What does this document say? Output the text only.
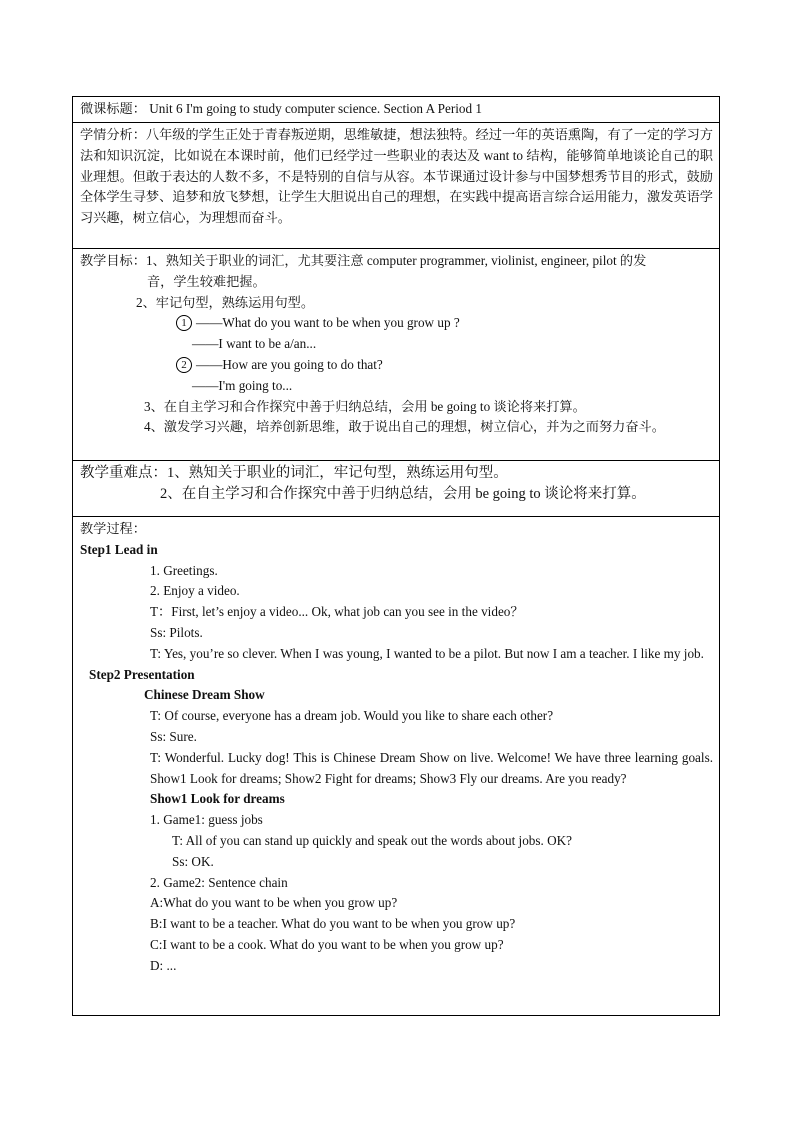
微课标题： Unit 6 I'm going to study computer science. Section A Period 1
学情分析：八年级的学生正处于青春叛逆期，思维敏捷，想法独特。经过一年的英语熏陶，有了一定的学习方法和知识沉淀，比如说在本课时前，他们已经学过一些职业的表达及 want to 结构，能够简单地谈论自己的职业理想。但敢于表达的人数不多，不是特别的自信与从容。本节课通过设计参与中国梦想秀节目的形式，鼓励全体学生寻梦、追梦和放飞梦想，让学生大胆说出自己的理想，在实践中提高语言综合运用能力，激发英语学习兴趣，树立信心，为理想而奋斗。
教学目标：1、熟知关于职业的词汇，尤其要注意 computer programmer, violinist, engineer, pilot 的发
音，学生较难把握。
2、牢记句型，熟练运用句型。
1 ——What do you want to be when you grow up ?
——I want to be a/an...
2 ——How are you going to do that?
——I'm going to...
3、在自主学习和合作探究中善于归纳总结，会用 be going to 谈论将来打算。
4、激发学习兴趣，培养创新思维，敢于说出自己的理想，树立信心，并为之而努力奋斗。
教学重难点：1、熟知关于职业的词汇，牢记句型，熟练运用句型。
2、在自主学习和合作探究中善于归纳总结，会用 be going to 谈论将来打算。
教学过程：
Step1 Lead in
1. Greetings.
2. Enjoy a video.
T：First, let’s enjoy a video... Ok, what job can you see in the video？
Ss: Pilots.
T: Yes, you’re so clever. When I was young, I wanted to be a pilot. But now I am a teacher. I like my job.
Step2 Presentation
Chinese Dream Show
T: Of course, everyone has a dream job. Would you like to share each other?
Ss: Sure.
T: Wonderful. Lucky dog! This is Chinese Dream Show on live. Welcome! We have three learning goals. Show1 Look for dreams; Show2 Fight for dreams; Show3 Fly our dreams. Are you ready?
Show1 Look for dreams
1. Game1: guess jobs
T: All of you can stand up quickly and speak out the words about jobs. OK?
Ss: OK.
2. Game2: Sentence chain
A:What do you want to be when you grow up?
B:I want to be a teacher. What do you want to be when you grow up?
C:I want to be a cook. What do you want to be when you grow up?
D: ...
